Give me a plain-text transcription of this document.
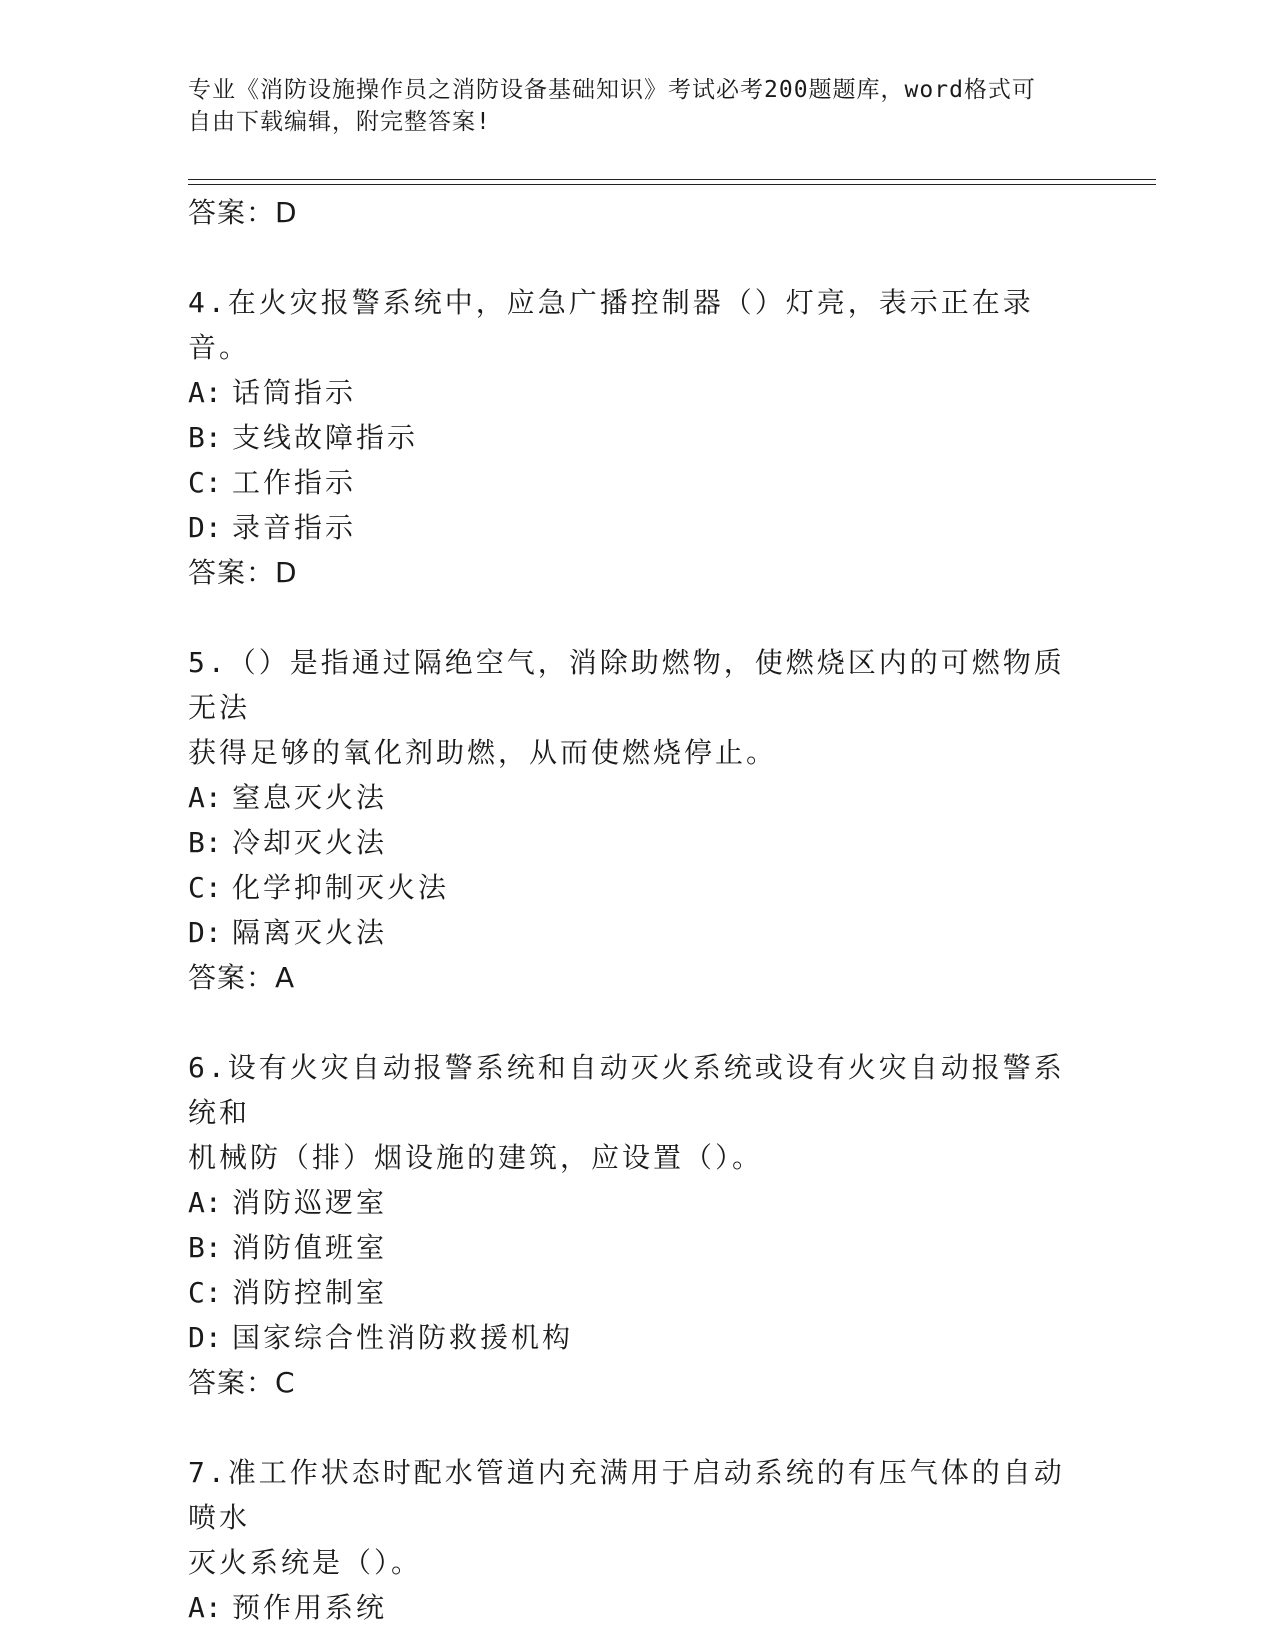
专业《消防设施操作员之消防设备基础知识》考试必考200题题库，word格式可
自由下载编辑，附完整答案!
答案：D
4.在火灾报警系统中，应急广播控制器（）灯亮，表示正在录音。
A: 话筒指示
B: 支线故障指示
C: 工作指示
D: 录音指示
答案：D
5.（）是指通过隔绝空气，消除助燃物，使燃烧区内的可燃物质无法
获得足够的氧化剂助燃，从而使燃烧停止。
A: 窒息灭火法
B: 冷却灭火法
C: 化学抑制灭火法
D: 隔离灭火法
答案：A
6.设有火灾自动报警系统和自动灭火系统或设有火灾自动报警系统和
机械防（排）烟设施的建筑，应设置（）。
A: 消防巡逻室
B: 消防值班室
C: 消防控制室
D: 国家综合性消防救援机构
答案：C
7.准工作状态时配水管道内充满用于启动系统的有压气体的自动喷水
灭火系统是（）。
A: 预作用系统
